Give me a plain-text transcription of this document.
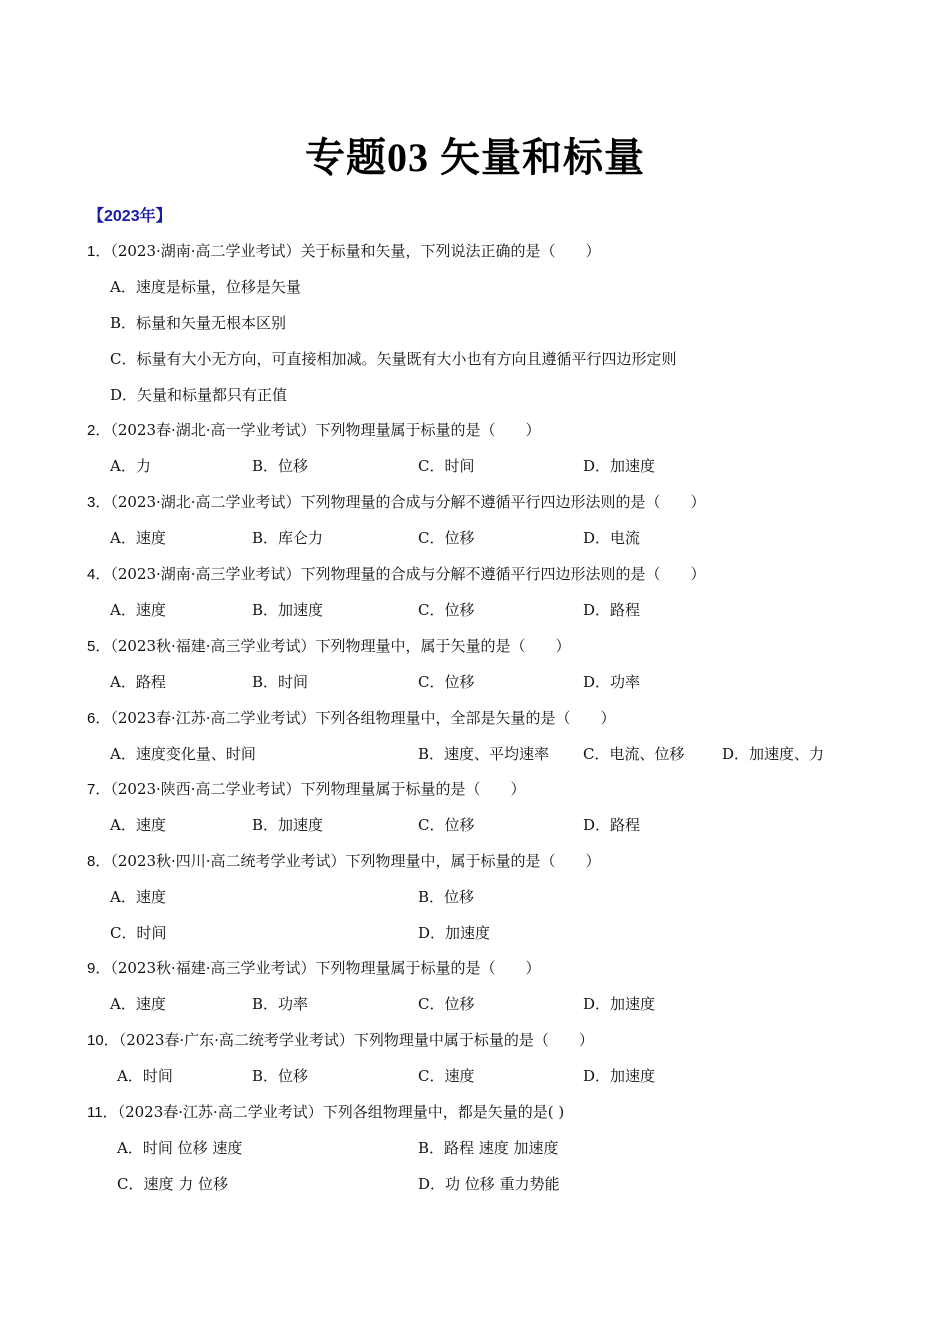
专题03 矢量和标量
【2023年】
1．（2023·湖南·高二学业考试）关于标量和矢量，下列说法正确的是（　　）
A．速度是标量，位移是矢量
B．标量和矢量无根本区别
C．标量有大小无方向，可直接相加减。矢量既有大小也有方向且遵循平行四边形定则
D．矢量和标量都只有正值
2．（2023春·湖北·高一学业考试）下列物理量属于标量的是（　　）
A．力	B．位移	C．时间	D．加速度
3．（2023·湖北·高二学业考试）下列物理量的合成与分解不遵循平行四边形法则的是（　　）
A．速度	B．库仑力	C．位移	D．电流
4．（2023·湖南·高三学业考试）下列物理量的合成与分解不遵循平行四边形法则的是（　　）
A．速度	B．加速度	C．位移	D．路程
5．（2023秋·福建·高三学业考试）下列物理量中，属于矢量的是（　　）
A．路程	B．时间	C．位移	D．功率
6．（2023春·江苏·高二学业考试）下列各组物理量中，全部是矢量的是（　　）
A．速度变化量、时间	B．速度、平均速率 C．电流、位移	D．加速度、力
7．（2023·陕西·高二学业考试）下列物理量属于标量的是（　　）
A．速度	B．加速度	C．位移	D．路程
8．（2023秋·四川·高二统考学业考试）下列物理量中，属于标量的是（　　）
A．速度	B．位移
C．时间	D．加速度
9．（2023秋·福建·高三学业考试）下列物理量属于标量的是（　　）
A．速度	B．功率	C．位移	D．加速度
10．（2023春·广东·高二统考学业考试）下列物理量中属于标量的是（　　）
A．时间	B．位移	C．速度	D．加速度
11．（2023春·江苏·高二学业考试）下列各组物理量中，都是矢量的是( )
A．时间 位移 速度	B．路程 速度 加速度
C．速度 力 位移	D．功 位移 重力势能
